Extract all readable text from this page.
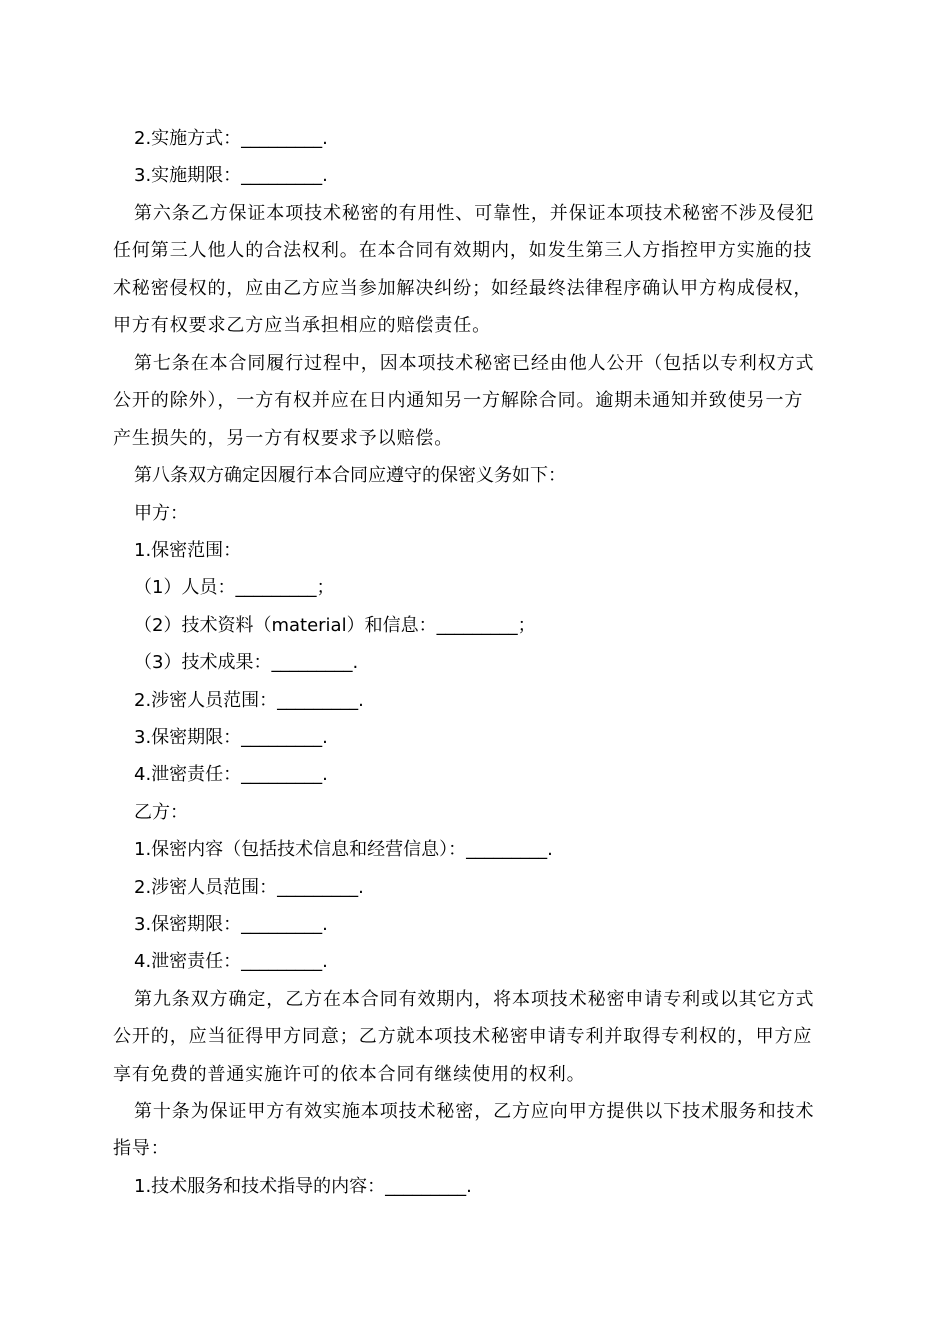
2.实施方式：_________.
3.实施期限：_________.
第六条乙方保证本项技术秘密的有用性、可靠性，并保证本项技术秘密不涉及侵犯
任何第三人他人的合法权利。在本合同有效期内，如发生第三人方指控甲方实施的技
术秘密侵权的，应由乙方应当参加解决纠纷；如经最终法律程序确认甲方构成侵权，
甲方有权要求乙方应当承担相应的赔偿责任。
第七条在本合同履行过程中，因本项技术秘密已经由他人公开（包括以专利权方式
公开的除外），一方有权并应在日内通知另一方解除合同。逾期未通知并致使另一方
产生损失的，另一方有权要求予以赔偿。
第八条双方确定因履行本合同应遵守的保密义务如下：
甲方：
1.保密范围：
（1）人员：_________；
（2）技术资料（material）和信息：_________；
（3）技术成果：_________.
2.涉密人员范围：_________.
3.保密期限：_________.
4.泄密责任：_________.
乙方：
1.保密内容（包括技术信息和经营信息）：_________.
2.涉密人员范围：_________.
3.保密期限：_________.
4.泄密责任：_________.
第九条双方确定，乙方在本合同有效期内，将本项技术秘密申请专利或以其它方式
公开的，应当征得甲方同意；乙方就本项技术秘密申请专利并取得专利权的，甲方应
享有免费的普通实施许可的依本合同有继续使用的权利。
第十条为保证甲方有效实施本项技术秘密，乙方应向甲方提供以下技术服务和技术
指导：
1.技术服务和技术指导的内容：_________.
